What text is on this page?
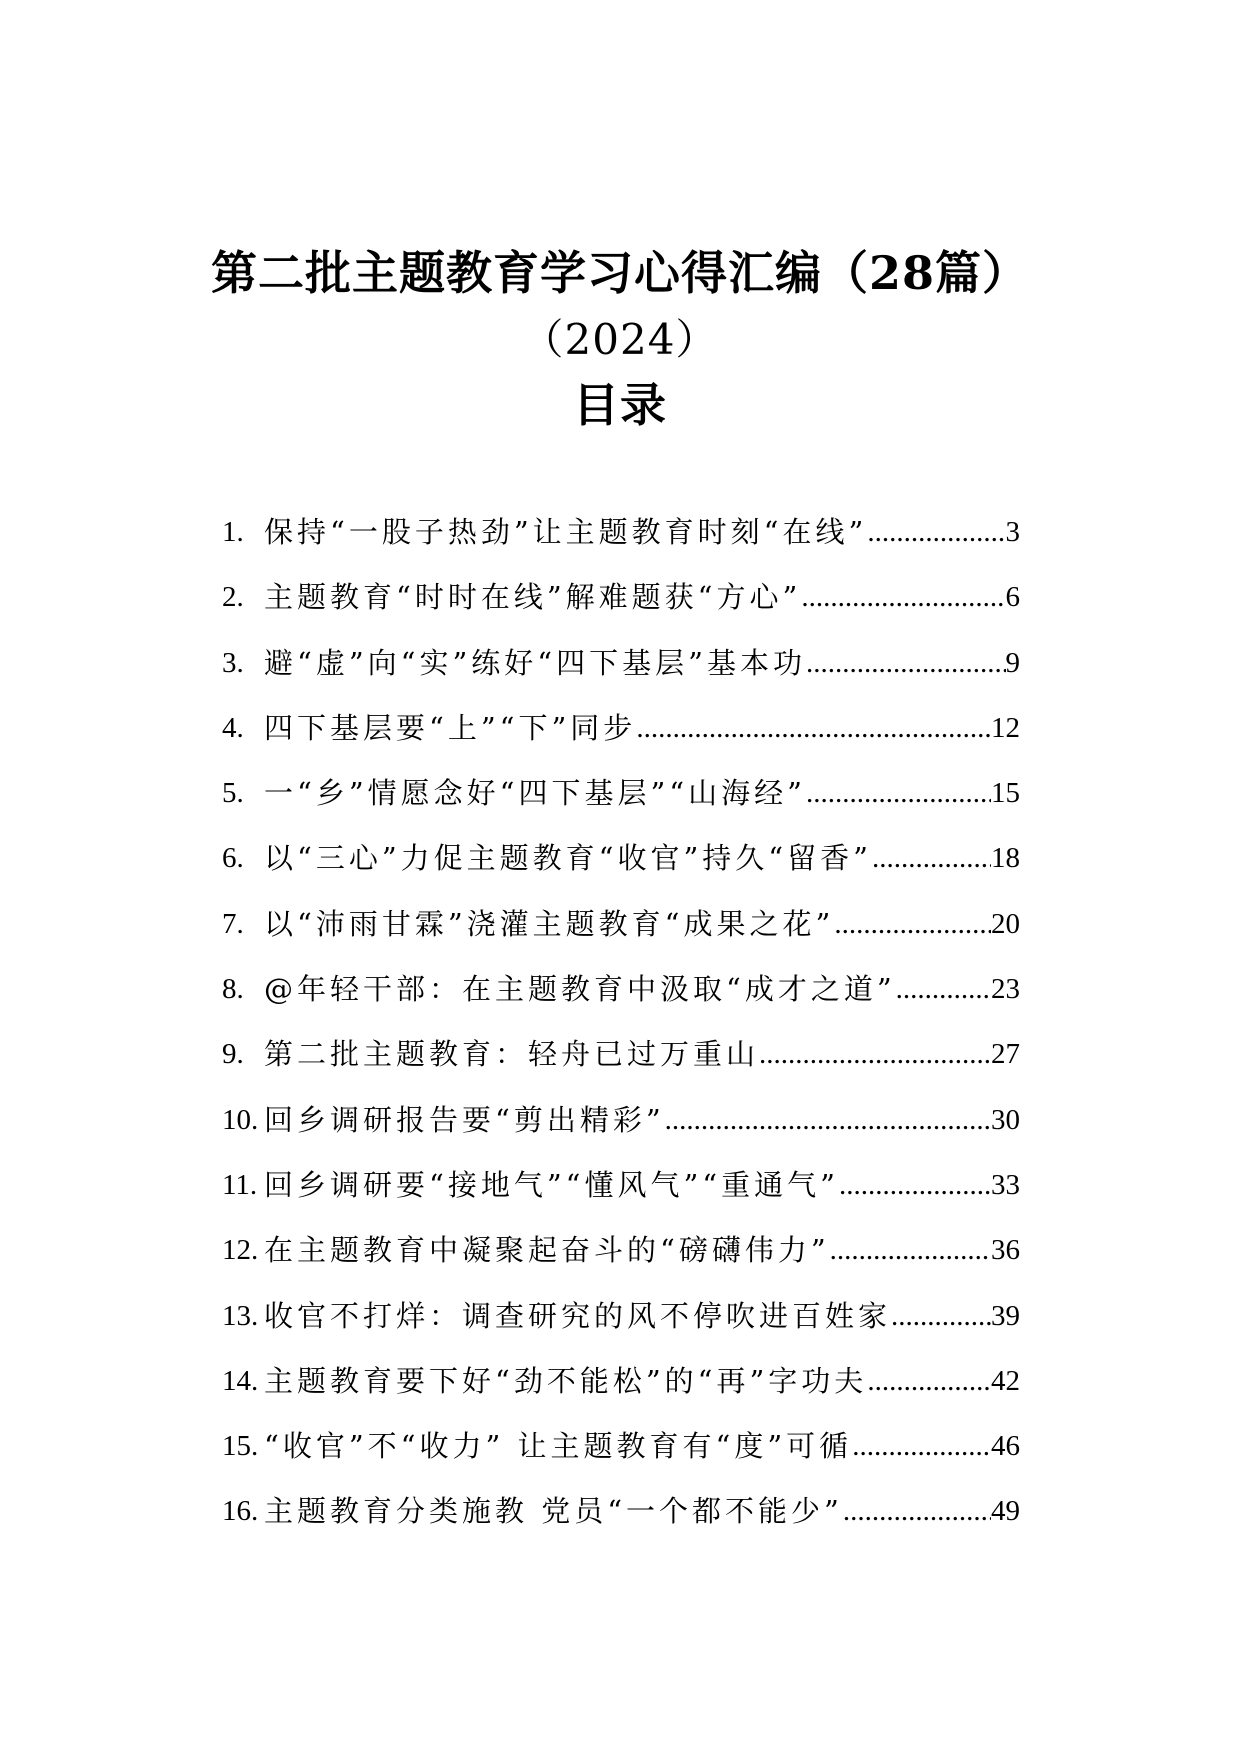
第二批主题教育学习心得汇编（28篇）
（2024）
目录
1. 保持“一股子热劲”让主题教育时刻“在线” .....	3
2. 主题教育“时时在线”解难题获“方心” .....	6
3. 避“虚”向“实”练好“四下基层”基本功 .....	9
4. 四下基层要“上”“下”同步 .....	12
5. 一“乡”情愿念好“四下基层”“山海经” .....	15
6. 以“三心”力促主题教育“收官”持久“留香” .....	18
7. 以“沛雨甘霖”浇灌主题教育“成果之花” .....	20
8. @年轻干部：在主题教育中汲取“成才之道” .....	23
9. 第二批主题教育：轻舟已过万重山 .....	27
10. 回乡调研报告要“剪出精彩” .....	30
11. 回乡调研要“接地气”“懂风气”“重通气” .....	33
12. 在主题教育中凝聚起奋斗的“磅礴伟力” .....	36
13. 收官不打烊：调查研究的风不停吹进百姓家 .....	39
14. 主题教育要下好“劲不能松”的“再”字功夫 .....	42
15. “收官”不“收力” 让主题教育有“度”可循 .....	46
16. 主题教育分类施教 党员“一个都不能少” .....	49
